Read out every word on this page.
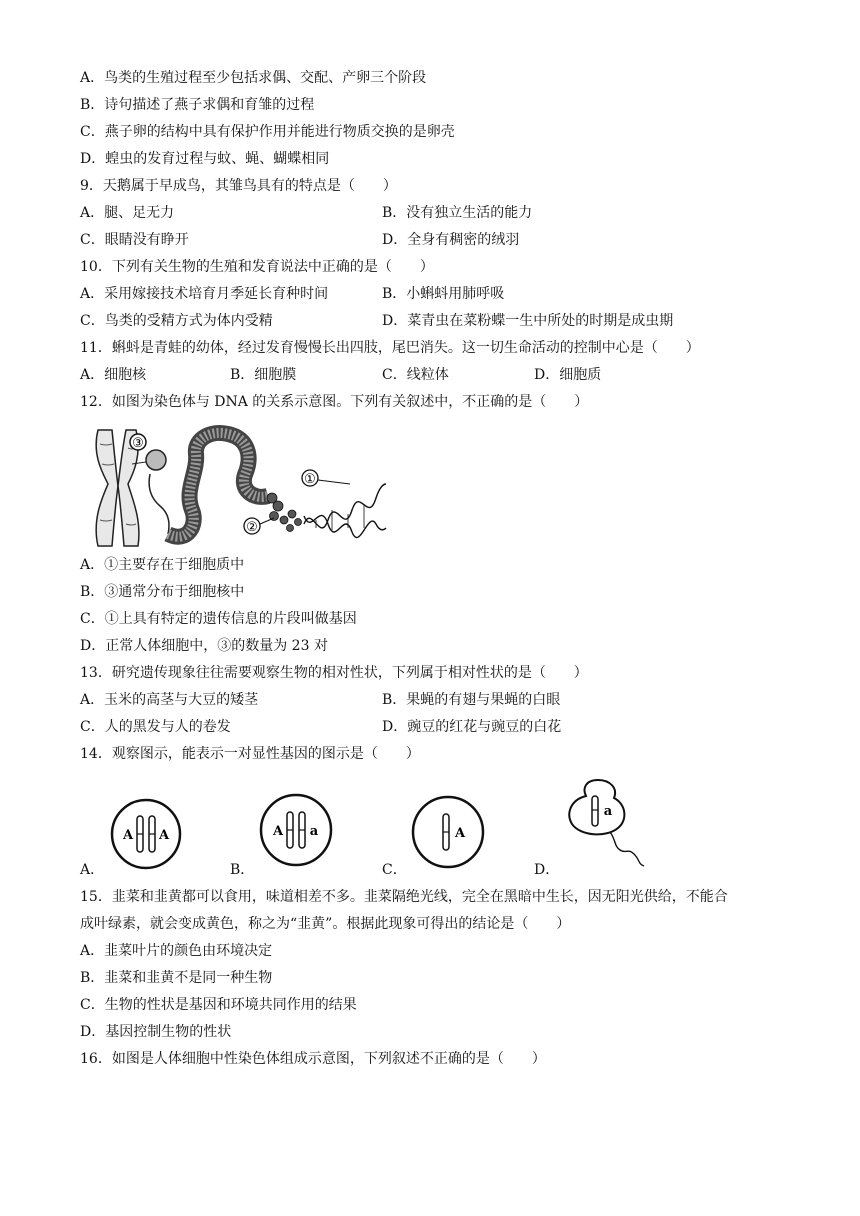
A．鸟类的生殖过程至少包括求偶、交配、产卵三个阶段
B．诗句描述了燕子求偶和育雏的过程
C．燕子卵的结构中具有保护作用并能进行物质交换的是卵壳
D．蝗虫的发育过程与蚊、蝇、蝴蝶相同
9．天鹅属于早成鸟，其雏鸟具有的特点是（　　）
A．腿、足无力	B．没有独立生活的能力
C．眼睛没有睁开	D．全身有稠密的绒羽
10．下列有关生物的生殖和发育说法中正确的是（　　）
A．采用嫁接技术培育月季延长育种时间	B．小蝌蚪用肺呼吸
C．鸟类的受精方式为体内受精	D．菜青虫在菜粉蝶一生中所处的时期是成虫期
11．蝌蚪是青蛙的幼体，经过发育慢慢长出四肢，尾巴消失。这一切生命活动的控制中心是（　　）
A．细胞核	B．细胞膜	C．线粒体	D．细胞质
12．如图为染色体与 DNA 的关系示意图。下列有关叙述中，不正确的是（　　）
③
①
②
A．①主要存在于细胞质中
B．③通常分布于细胞核中
C．①上具有特定的遗传信息的片段叫做基因
D．正常人体细胞中，③的数量为 23 对
13．研究遗传现象往往需要观察生物的相对性状，下列属于相对性状的是（　　）
A．玉米的高茎与大豆的矮茎	B．果蝇的有翅与果蝇的白眼
C．人的黑发与人的卷发	D．豌豆的红花与豌豆的白花
14．观察图示，能表示一对显性基因的图示是（　　）
A A
A．
A a
B．
A
C．
a
D．
15．韭菜和韭黄都可以食用，味道相差不多。韭菜隔绝光线，完全在黑暗中生长，因无阳光供给，不能合
成叶绿素，就会变成黄色，称之为“韭黄”。根据此现象可得出的结论是（　　）
A．韭菜叶片的颜色由环境决定
B．韭菜和韭黄不是同一种生物
C．生物的性状是基因和环境共同作用的结果
D．基因控制生物的性状
16．如图是人体细胞中性染色体组成示意图，下列叙述不正确的是（　　）
